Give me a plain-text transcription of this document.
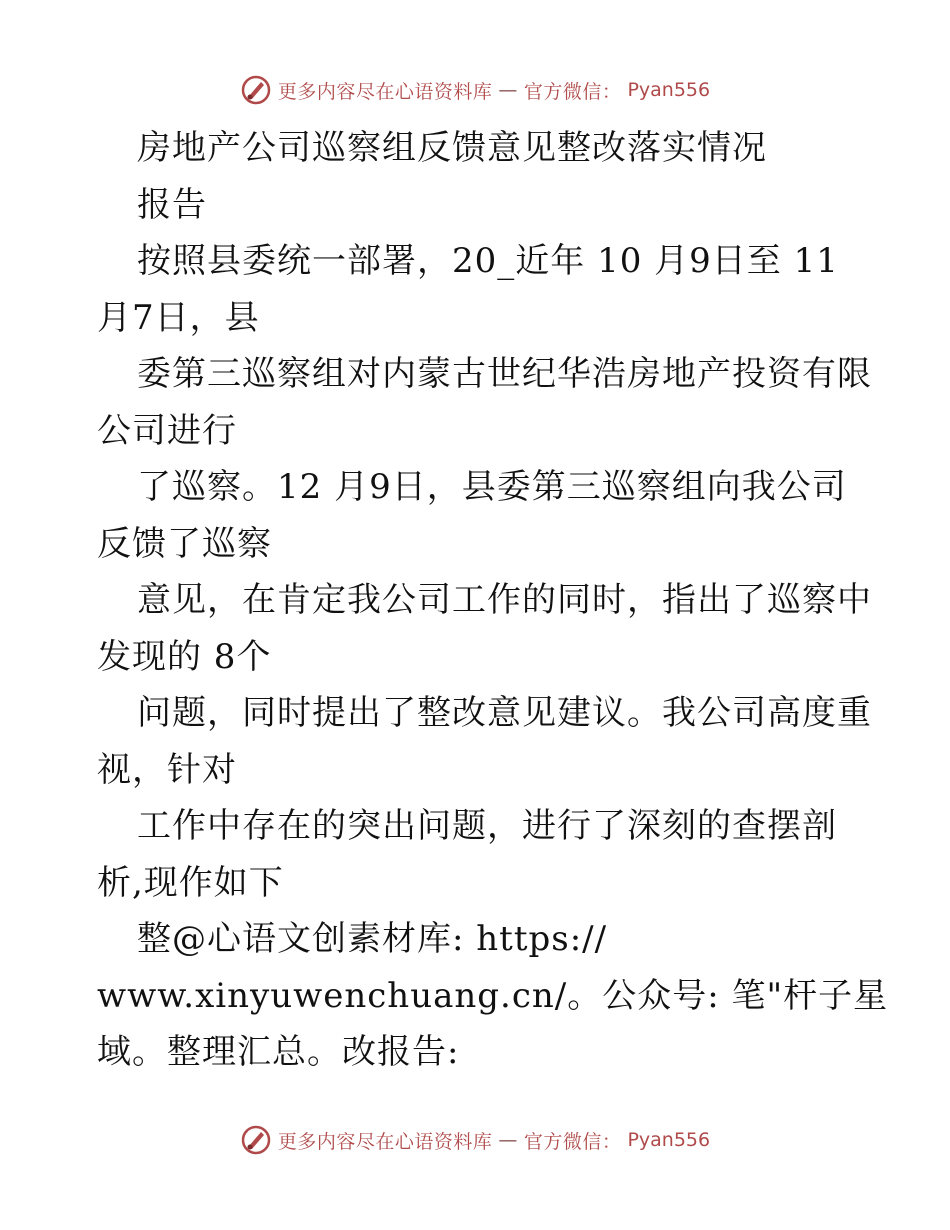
更多内容尽在心语资料库 — 官方微信： Pyan556
房地产公司巡察组反馈意见整改落实情况
报告
按照县委统一部署，20_近年 10 月9日至 11
月7日，县
委第三巡察组对内蒙古世纪华浩房地产投资有限
公司进行
了巡察。12 月9日，县委第三巡察组向我公司
反馈了巡察
意见，在肯定我公司工作的同时，指出了巡察中
发现的 8个
问题，同时提出了整改意见建议。我公司高度重
视，针对
工作中存在的突出问题，进行了深刻的查摆剖
析,现作如下
整@心语文创素材库: https://
www.xinyuwenchuang.cn/。公众号: 笔"杆子星
域。整理汇总。改报告:
更多内容尽在心语资料库 — 官方微信： Pyan556
